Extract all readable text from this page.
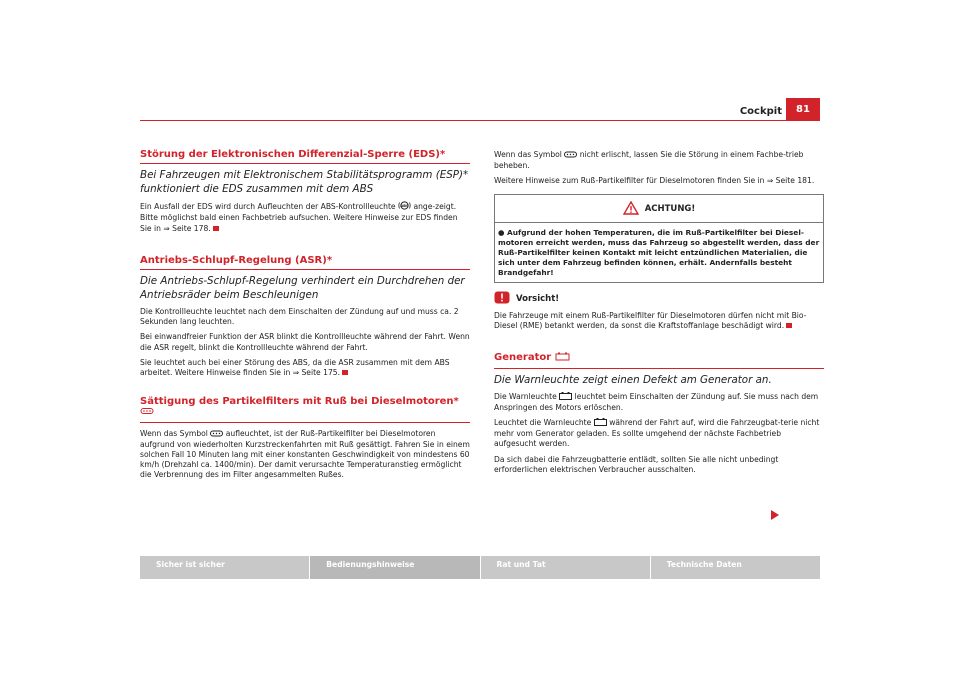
Cockpit	81
Störung der Elektronischen Differenzial-Sperre (EDS)*
Bei Fahrzeugen mit Elektronischem Stabilitätsprogramm (ESP)* funktioniert die EDS zusammen mit dem ABS

Ein Ausfall der EDS wird durch Aufleuchten der ABS-Kontrollleuchte ABS ange-zeigt. Bitte möglichst bald einen Fachbetrieb aufsuchen. Weitere Hinweise zur EDS finden Sie in ⇒ Seite 178.

Antriebs-Schlupf-Regelung (ASR)*
Die Antriebs-Schlupf-Regelung verhindert ein Durchdrehen der Antriebsräder beim Beschleunigen

Die Kontrollleuchte leuchtet nach dem Einschalten der Zündung auf und muss ca. 2 Sekunden lang leuchten.

Bei einwandfreier Funktion der ASR blinkt die Kontrollleuchte während der Fahrt. Wenn die ASR regelt, blinkt die Kontrollleuchte während der Fahrt.

Sie leuchtet auch bei einer Störung des ABS, da die ASR zusammen mit dem ABS arbeitet. Weitere Hinweise finden Sie in ⇒ Seite 175.

Sättigung des Partikelfilters mit Ruß bei Dieselmotoren*

Wenn das Symbol aufleuchtet, ist der Ruß-Partikelfilter bei Dieselmotoren aufgrund von wiederholten Kurzstreckenfahrten mit Ruß gesättigt. Fahren Sie in einem solchen Fall 10 Minuten lang mit einer konstanten Geschwindigkeit von mindestens 60 km/h (Drehzahl ca. 1400/min). Der damit verursachte Temperaturanstieg ermöglicht die Verbrennung des im Filter angesammelten Rußes.

Wenn das Symbol nicht erlischt, lassen Sie die Störung in einem Fachbe-trieb beheben.

Weitere Hinweise zum Ruß-Partikelfilter für Dieselmotoren finden Sie in ⇒ Seite 181.

ACHTUNG!
● Aufgrund der hohen Temperaturen, die im Ruß-Partikelfilter bei Diesel-motoren erreicht werden, muss das Fahrzeug so abgestellt werden, dass der Ruß-Partikelfilter keinen Kontakt mit leicht entzündlichen Materialien, die sich unter dem Fahrzeug befinden können, erhält. Andernfalls besteht Brandgefahr!
Vorsicht!

Die Fahrzeuge mit einem Ruß-Partikelfilter für Dieselmotoren dürfen nicht mit Bio-Diesel (RME) betankt werden, da sonst die Kraftstoffanlage beschädigt wird.

Generator
Die Warnleuchte zeigt einen Defekt am Generator an.

Die Warnleuchte leuchtet beim Einschalten der Zündung auf. Sie muss nach dem Anspringen des Motors erlöschen.

Leuchtet die Warnleuchte während der Fahrt auf, wird die Fahrzeugbat-terie nicht mehr vom Generator geladen. Es sollte umgehend der nächste Fachbetrieb aufgesucht werden.

Da sich dabei die Fahrzeugbatterie entlädt, sollten Sie alle nicht unbedingt erforderlichen elektrischen Verbraucher ausschalten.

Sicher ist sicher	Bedienungshinweise	Rat und Tat	Technische Daten
